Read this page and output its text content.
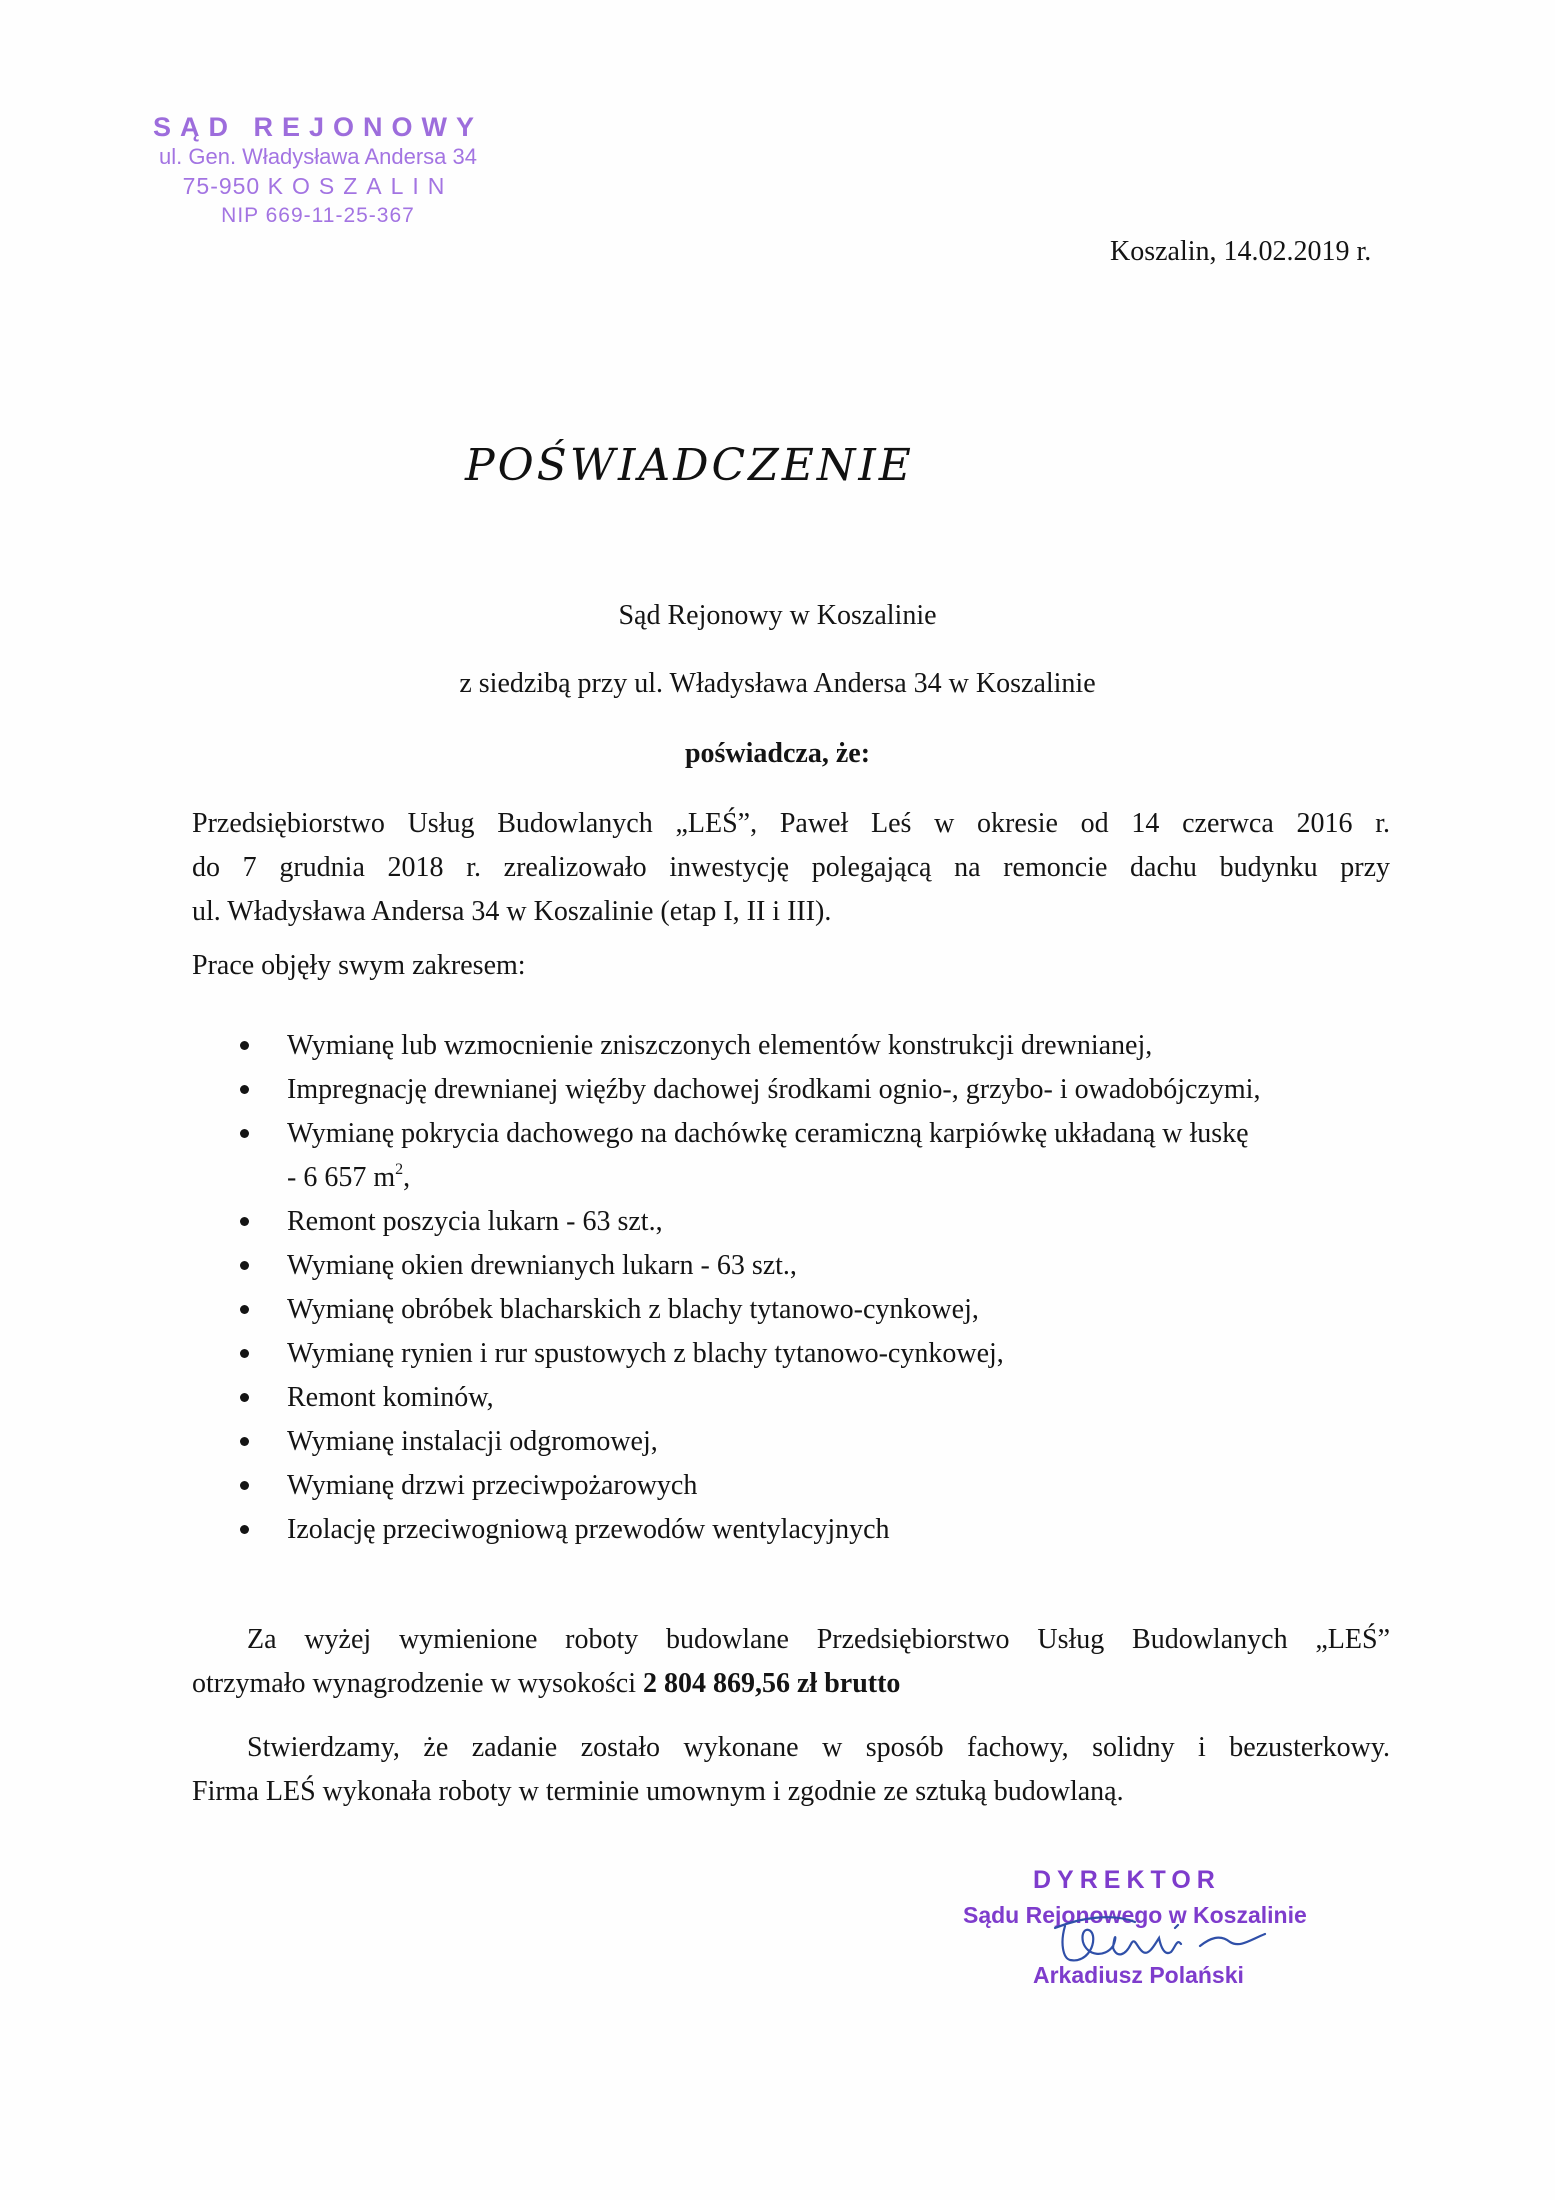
SĄD REJONOWY
ul. Gen. Władysława Andersa 34
75-950 KOSZALIN
NIP 669-11-25-367
Koszalin, 14.02.2019 r.
POŚWIADCZENIE
Sąd Rejonowy w Koszalinie
z siedzibą przy ul. Władysława Andersa 34 w Koszalinie
poświadcza, że:
Przedsiębiorstwo Usług Budowlanych „LEŚ”, Paweł Leś w okresie od 14 czerwca 2016 r.
do 7 grudnia 2018 r. zrealizowało inwestycję polegającą na remoncie dachu budynku przy
ul. Władysława Andersa 34 w Koszalinie (etap I, II i III).
Prace objęły swym zakresem:
Wymianę lub wzmocnienie zniszczonych elementów konstrukcji drewnianej,
Impregnację drewnianej więźby dachowej środkami ognio-, grzybo- i owadobójczymi,
Wymianę pokrycia dachowego na dachówkę ceramiczną karpiówkę układaną w łuskę
- 6 657 $m^2$,
Remont poszycia lukarn - 63 szt.,
Wymianę okien drewnianych lukarn - 63 szt.,
Wymianę obróbek blacharskich z blachy tytanowo-cynkowej,
Wymianę rynien i rur spustowych z blachy tytanowo-cynkowej,
Remont kominów,
Wymianę instalacji odgromowej,
Wymianę drzwi przeciwpożarowych
Izolację przeciwogniową przewodów wentylacyjnych
Za wyżej wymienione roboty budowlane Przedsiębiorstwo Usług Budowlanych „LEŚ”
otrzymało wynagrodzenie w wysokości 2 804 869,56 zł brutto
Stwierdzamy, że zadanie zostało wykonane w sposób fachowy, solidny i bezusterkowy.
Firma LEŚ wykonała roboty w terminie umownym i zgodnie ze sztuką budowlaną.
DYREKTOR
Sądu Rejonowego w Koszalinie
Arkadiusz Polański
